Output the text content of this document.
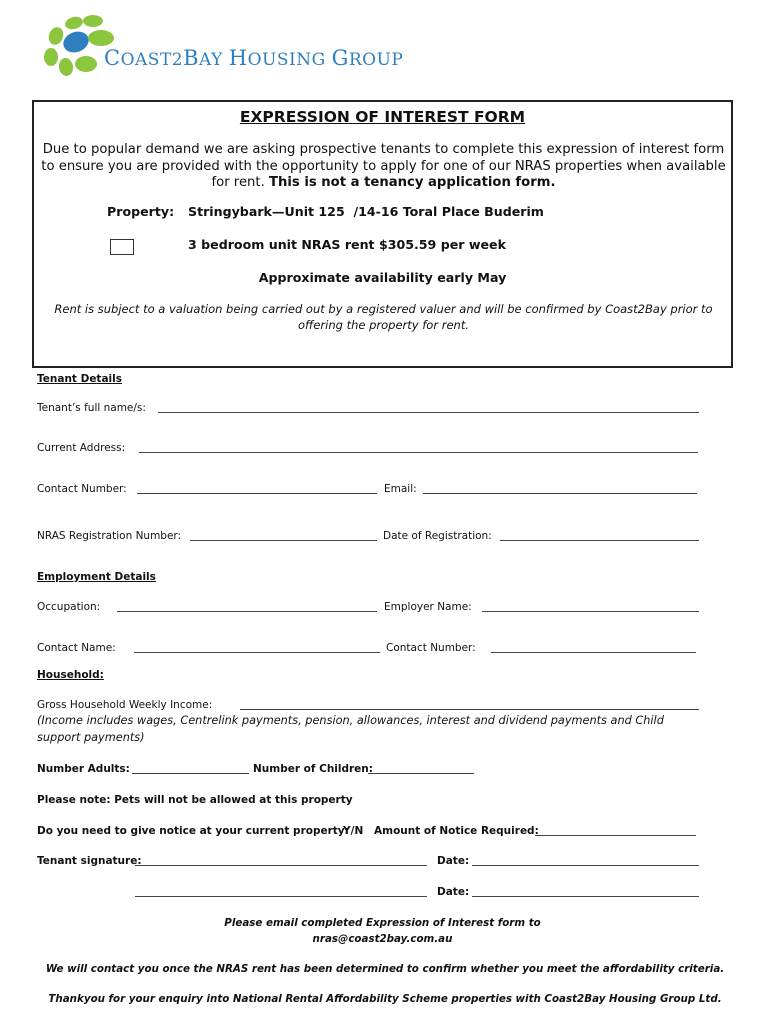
COAST2BAY HOUSING GROUP
EXPRESSION OF INTEREST FORM
Due to popular demand we are asking prospective tenants to complete this expression of interest form to ensure you are provided with the opportunity to apply for one of our NRAS properties when available for rent. This is not a tenancy application form.
Property: Stringybark—Unit 125  /14-16 Toral Place Buderim
3 bedroom unit NRAS rent $305.59 per week
Approximate availability early May
Rent is subject to a valuation being carried out by a registered valuer and will be confirmed by Coast2Bay prior to offering the property for rent.
Tenant Details
Tenant’s full name/s:
Current Address:
Contact Number:	Email:
NRAS Registration Number:	Date of Registration:
Employment Details
Occupation:	Employer Name:
Contact Name:	Contact Number:
Household:
Gross Household Weekly Income:
(Income includes wages, Centrelink payments, pension, allowances, interest and dividend payments and Child support payments)
Number Adults:	Number of Children:
Please note: Pets will not be allowed at this property
Do you need to give notice at your current property:
Y/N Amount of Notice Required:
Tenant signature:	Date:
Date:
Please email completed Expression of Interest form to
nras@coast2bay.com.au
We will contact you once the NRAS rent has been determined to confirm whether you meet the affordability criteria.
Thankyou for your enquiry into National Rental Affordability Scheme properties with Coast2Bay Housing Group Ltd.
